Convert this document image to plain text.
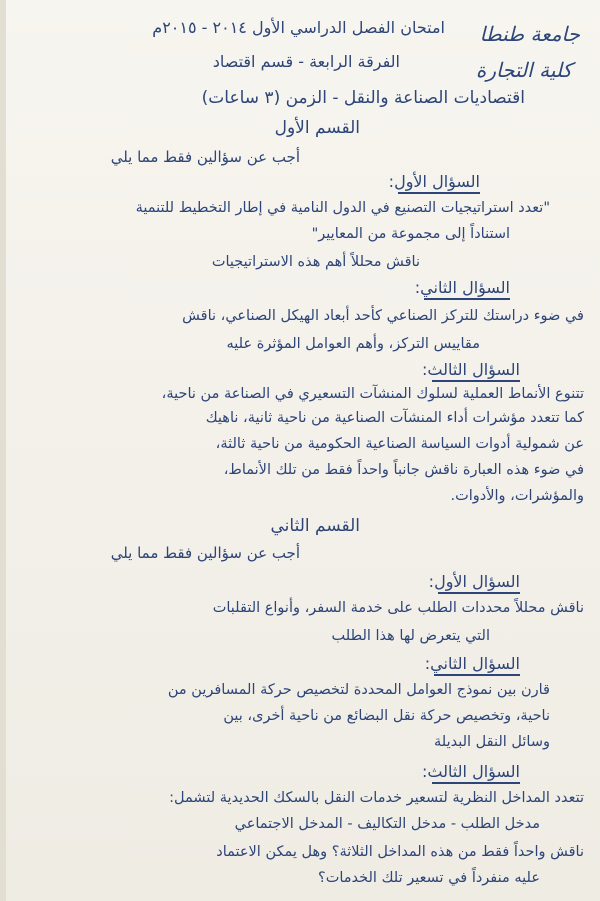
جامعة طنطا
كلية التجارة
امتحان الفصل الدراسي الأول ٢٠١٤ - ٢٠١٥م
الفرقة الرابعة - قسم اقتصاد
اقتصاديات الصناعة والنقل - الزمن (٣ ساعات)
القسم الأول
أجب عن سؤالين فقط مما يلي
السؤال الأول:
"تعدد استراتيجيات التصنيع في الدول النامية في إطار التخطيط للتنمية
استناداً إلى مجموعة من المعايير"
ناقش محللاً أهم هذه الاستراتيجيات
السؤال الثاني:
في ضوء دراستك للتركز الصناعي كأحد أبعاد الهيكل الصناعي، ناقش
مقاييس التركز، وأهم العوامل المؤثرة عليه
السؤال الثالث:
تتنوع الأنماط العملية لسلوك المنشآت التسعيري في الصناعة من ناحية،
كما تتعدد مؤشرات أداء المنشآت الصناعية من ناحية ثانية، ناهيك
عن شمولية أدوات السياسة الصناعية الحكومية من ناحية ثالثة،
في ضوء هذه العبارة ناقش جانباً واحداً فقط من تلك الأنماط،
والمؤشرات، والأدوات.
القسم الثاني
أجب عن سؤالين فقط مما يلي
السؤال الأول:
ناقش محللاً محددات الطلب على خدمة السفر، وأنواع التقلبات
التي يتعرض لها هذا الطلب
السؤال الثاني:
قارن بين نموذج العوامل المحددة لتخصيص حركة المسافرين من
ناحية، وتخصيص حركة نقل البضائع من ناحية أخرى، بين
وسائل النقل البديلة
السؤال الثالث:
تتعدد المداخل النظرية لتسعير خدمات النقل بالسكك الحديدية لتشمل:
مدخل الطلب - مدخل التكاليف - المدخل الاجتماعي
ناقش واحداً فقط من هذه المداخل الثلاثة؟ وهل يمكن الاعتماد
عليه منفرداً في تسعير تلك الخدمات؟
